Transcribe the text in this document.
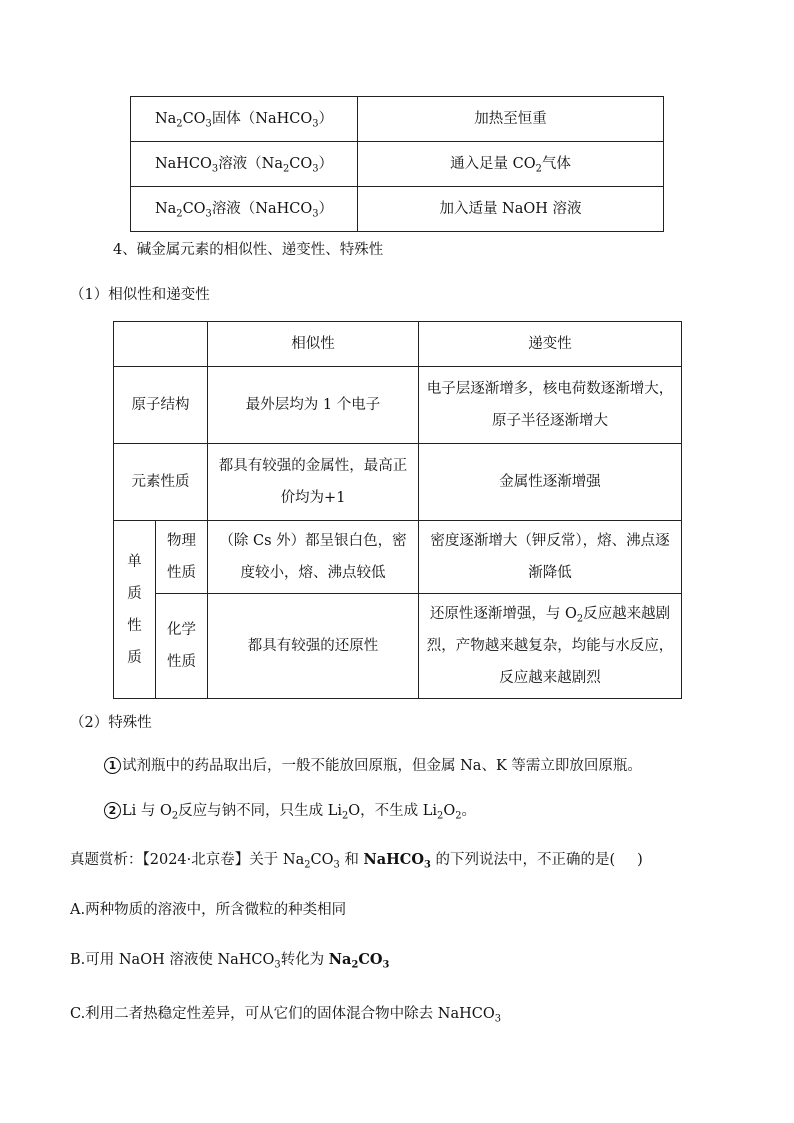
$Na_2CO_3$固体（NaHCO$_3$）	加热至恒重
NaHCO$_3$溶液$(Na_2CO_3)$	通入足量 $CO_2$气体
$Na_2CO_3$溶液（NaHCO$_3$）	加入适量 NaOH 溶液
4、碱金属元素的相似性、递变性、特殊性
（1）相似性和递变性
		相似性	递变性
原子结构		最外层均为 1 个电子	电子层逐渐增多，核电荷数逐渐增大，原子半径逐渐增大
元素性质		都具有较强的金属性，最高正价均为+1	金属性逐渐增强
单质性质	物理性质	（除 Cs 外）都呈银白色，密度较小，熔、沸点较低	密度逐渐增大（钾反常），熔、沸点逐渐降低
	化学性质	都具有较强的还原性	还原性逐渐增强，与 $O_2$反应越来越剧烈，产物越来越复杂，均能与水反应，反应越来越剧烈
（2）特殊性
1 试剂瓶中的药品取出后，一般不能放回原瓶，但金属 Na、K 等需立即放回原瓶。
2 Li 与 $O_2$反应与钠不同，只生成 $Li_2O$，不生成 $Li_2O_2$。
真题赏析：【2024·北京卷】关于 $Na_2CO_3$ 和 NaHCO$_3$ 的下列说法中，不正确的是( )
A.两种物质的溶液中，所含微粒的种类相同
B.可用 NaOH 溶液使 NaHCO$_3$转化为 $Na_2CO_3$
C.利用二者热稳定性差异，可从它们的固体混合物中除去 NaHCO$_3$
